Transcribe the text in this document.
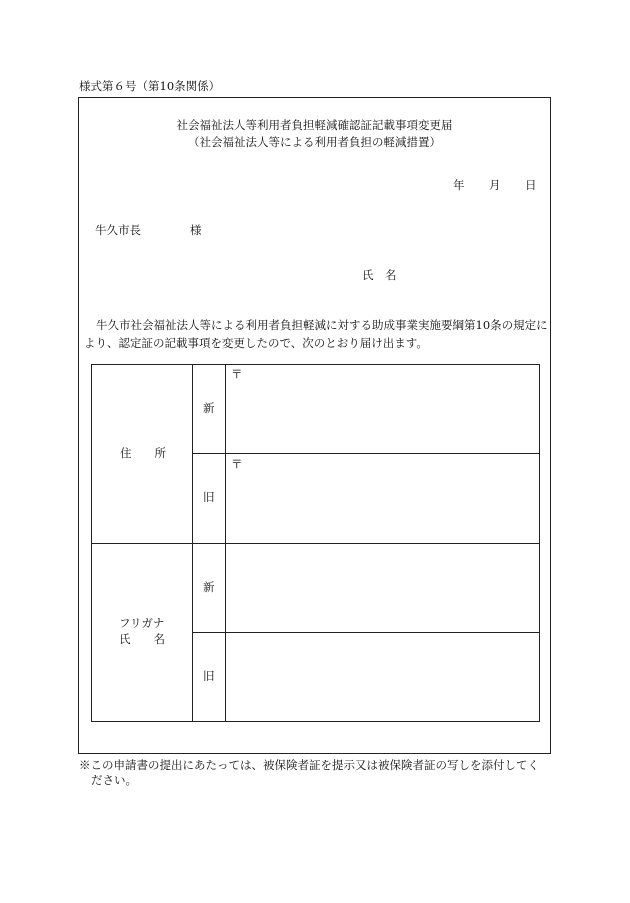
様式第６号（第10条関係）
社会福祉法人等利用者負担軽減確認証記載事項変更届
（社会福祉法人等による利用者負担の軽減措置）
年 月 日
牛久市長	様
氏　名
牛久市社会福祉法人等による利用者負担軽減に対する助成事業実施要綱第10条の規定により、認定証の記載事項を変更したので、次のとおり届け出ます。
住　　所
新
旧
〒
〒
フリガナ
氏　　名
新
旧
※この申請書の提出にあたっては、被保険者証を提示又は被保険者証の写しを添付してく
ださい。
